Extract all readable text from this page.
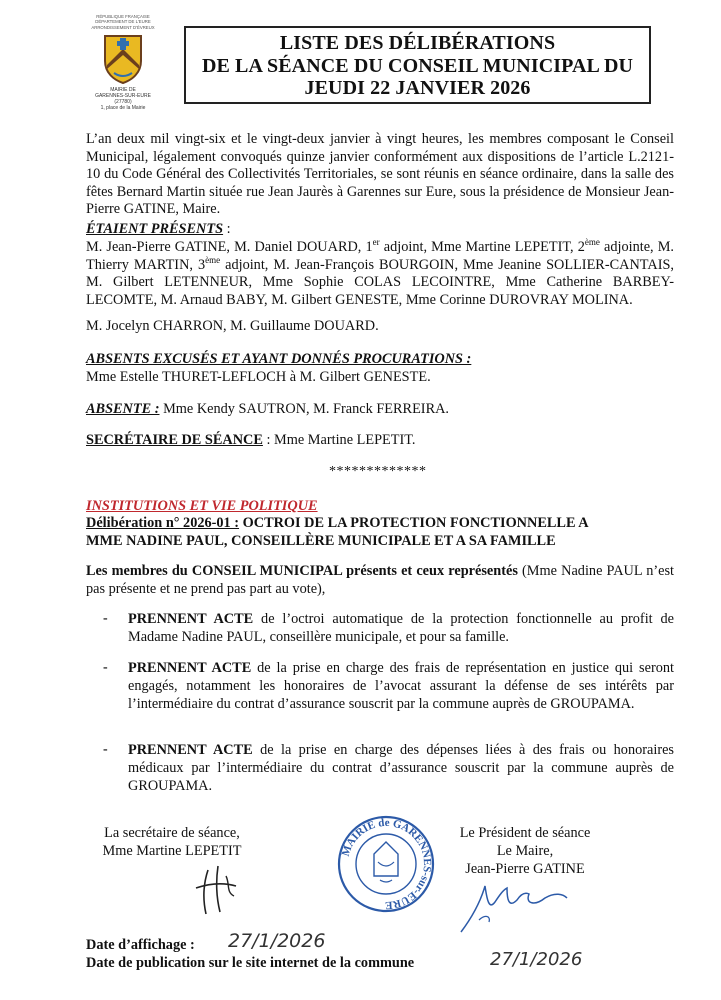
RÉPUBLIQUE FRANÇAISE
DÉPARTEMENT DE L'EURE
ARRONDISSEMENT D'ÉVREUX
MAIRIE DE
GARENNES-SUR-EURE
(27780)
1, place de la Mairie
LISTE DES DÉLIBÉRATIONS
DE LA SÉANCE DU CONSEIL MUNICIPAL DU
JEUDI 22 JANVIER 2026
L’an deux mil vingt-six et le vingt-deux janvier à vingt heures, les membres composant le Conseil Municipal, légalement convoqués quinze janvier conformément aux dispositions de l’article L.2121-10 du Code Général des Collectivités Territoriales, se sont réunis en séance ordinaire, dans la salle des fêtes Bernard Martin située rue Jean Jaurès à Garennes sur Eure, sous la présidence de Monsieur Jean-Pierre GATINE, Maire.
ÉTAIENT PRÉSENTS :
M. Jean-Pierre GATINE, M. Daniel DOUARD, 1er adjoint, Mme Martine LEPETIT, 2ème adjointe, M. Thierry MARTIN, 3ème adjoint, M. Jean-François BOURGOIN, Mme Jeanine SOLLIER-CANTAIS, M. Gilbert LETENNEUR, Mme Sophie COLAS LECOINTRE, Mme Catherine BARBEY-LECOMTE, M. Arnaud BABY, M. Gilbert GENESTE, Mme Corinne DUROVRAY MOLINA.
M. Jocelyn CHARRON, M. Guillaume DOUARD.
ABSENTS EXCUSÉS ET AYANT DONNÉS PROCURATIONS :
Mme Estelle THURET-LEFLOCH à M. Gilbert GENESTE.
ABSENTE : Mme Kendy SAUTRON, M. Franck FERREIRA.
SECRÉTAIRE DE SÉANCE : Mme Martine LEPETIT.
*************
INSTITUTIONS ET VIE POLITIQUE
Délibération n° 2026-01 : OCTROI DE LA PROTECTION FONCTIONNELLE A
MME NADINE PAUL, CONSEILLÈRE MUNICIPALE ET A SA FAMILLE
Les membres du CONSEIL MUNICIPAL présents et ceux représentés (Mme Nadine PAUL n’est pas présente et ne prend pas part au vote),
-	PRENNENT ACTE de l’octroi automatique de la protection fonctionnelle au profit de Madame Nadine PAUL, conseillère municipale, et pour sa famille.
-	PRENNENT ACTE de la prise en charge des frais de représentation en justice qui seront engagés, notamment les honoraires de l’avocat assurant la défense de ses intérêts par l’intermédiaire du contrat d’assurance souscrit par la commune auprès de GROUPAMA.
-	PRENNENT ACTE de la prise en charge des dépenses liées à des frais ou honoraires médicaux par l’intermédiaire du contrat d’assurance souscrit par la commune auprès de GROUPAMA.
La secrétaire de séance,
Mme Martine LEPETIT	MAIRIE de GARENNES-sur-EURE
Le Président de séance
Le Maire,
Jean-Pierre GATINE
Date d’affichage : 27/1/2026
Date de publication sur le site internet de la commune	27/1/2026
